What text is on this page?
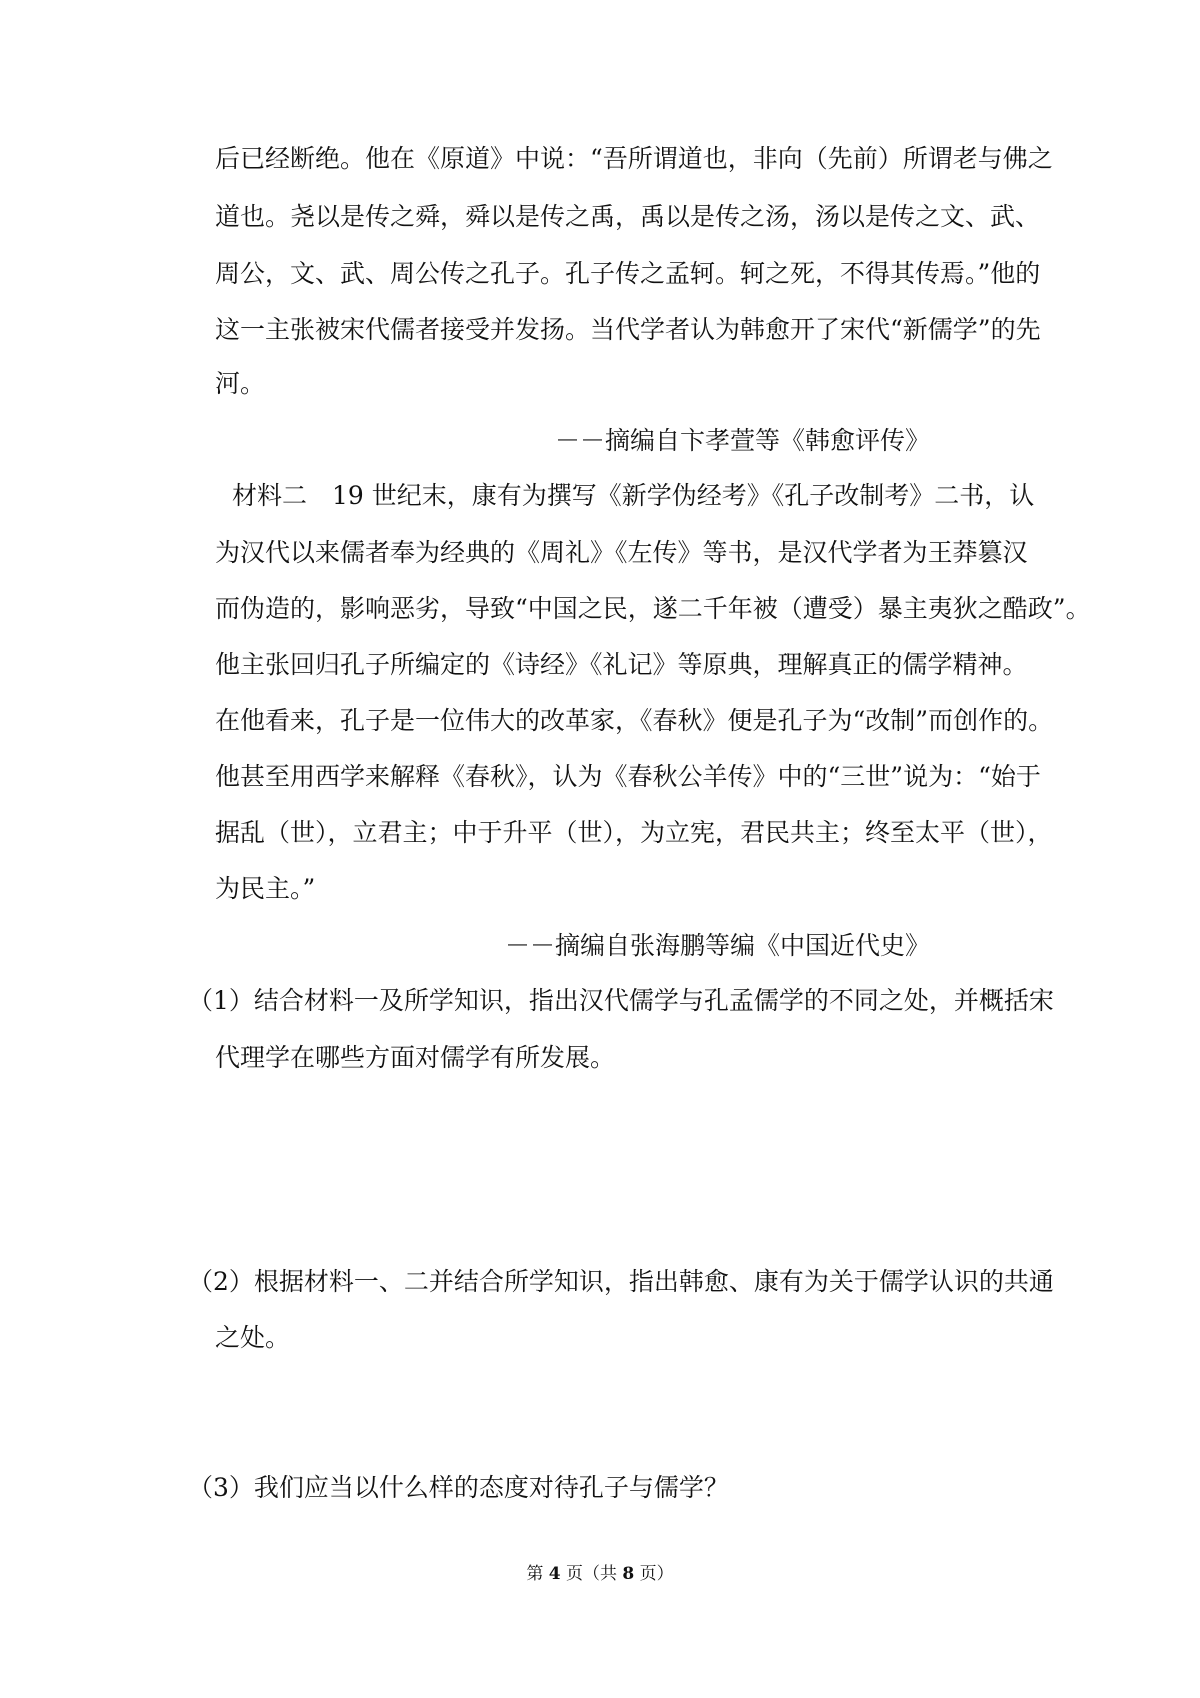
后已经断绝。他在《原道》中说：“吾所谓道也，非向（先前）所谓老与佛之
道也。尧以是传之舜，舜以是传之禹，禹以是传之汤，汤以是传之文、武、
周公，文、武、周公传之孔子。孔子传之孟轲。轲之死，不得其传焉。”他的
这一主张被宋代儒者接受并发扬。当代学者认为韩愈开了宋代“新儒学”的先
河。
－－摘编自卞孝萱等《韩愈评传》
材料二　19 世纪末，康有为撰写《新学伪经考》《孔子改制考》二书，认
为汉代以来儒者奉为经典的《周礼》《左传》等书，是汉代学者为王莽篡汉
而伪造的，影响恶劣，导致“中国之民，遂二千年被（遭受）暴主夷狄之酷政”。
他主张回归孔子所编定的《诗经》《礼记》等原典，理解真正的儒学精神。
在他看来，孔子是一位伟大的改革家，《春秋》便是孔子为“改制”而创作的。
他甚至用西学来解释《春秋》，认为《春秋公羊传》中的“三世”说为：“始于
据乱（世），立君主；中于升平（世），为立宪，君民共主；终至太平（世），
为民主。”
－－摘编自张海鹏等编《中国近代史》
（1）结合材料一及所学知识，指出汉代儒学与孔孟儒学的不同之处，并概括宋
代理学在哪些方面对儒学有所发展。
（2）根据材料一、二并结合所学知识，指出韩愈、康有为关于儒学认识的共通
之处。
（3）我们应当以什么样的态度对待孔子与儒学？
第 4 页（共 8 页）
